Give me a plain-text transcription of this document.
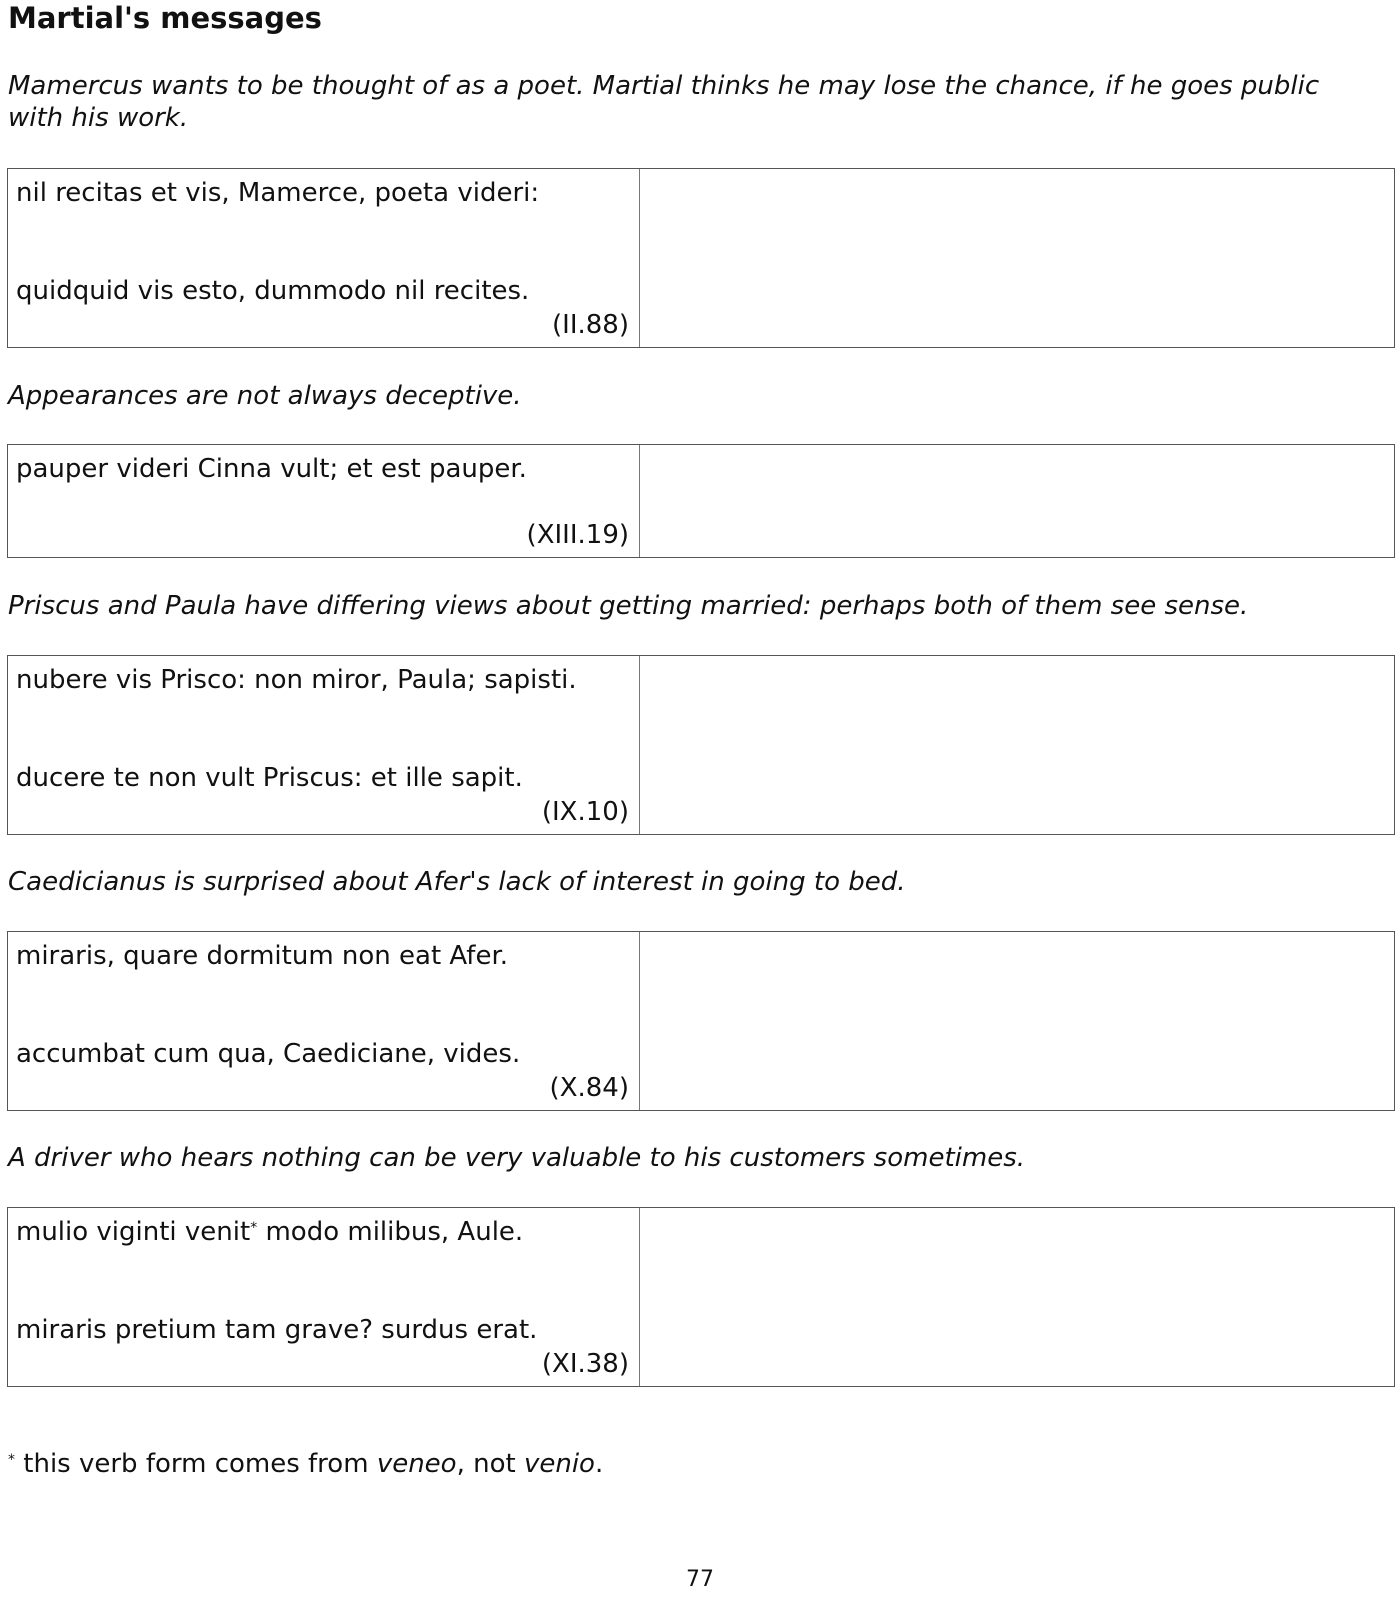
Martial's messages
Mamercus wants to be thought of as a poet. Martial thinks he may lose the chance, if he goes public with his work.
nil recitas et vis, Mamerce, poeta videri:
quidquid vis esto, dummodo nil recites.
(II.88)
Appearances are not always deceptive.
pauper videri Cinna vult; et est pauper.
(XIII.19)
Priscus and Paula have differing views about getting married: perhaps both of them see sense.
nubere vis Prisco: non miror, Paula; sapisti.
ducere te non vult Priscus: et ille sapit.
(IX.10)
Caedicianus is surprised about Afer's lack of interest in going to bed.
miraris, quare dormitum non eat Afer.
accumbat cum qua, Caediciane, vides.
(X.84)
A driver who hears nothing can be very valuable to his customers sometimes.
mulio viginti venit* modo milibus, Aule.
miraris pretium tam grave? surdus erat.
(XI.38)
* this verb form comes from veneo, not venio.
77
